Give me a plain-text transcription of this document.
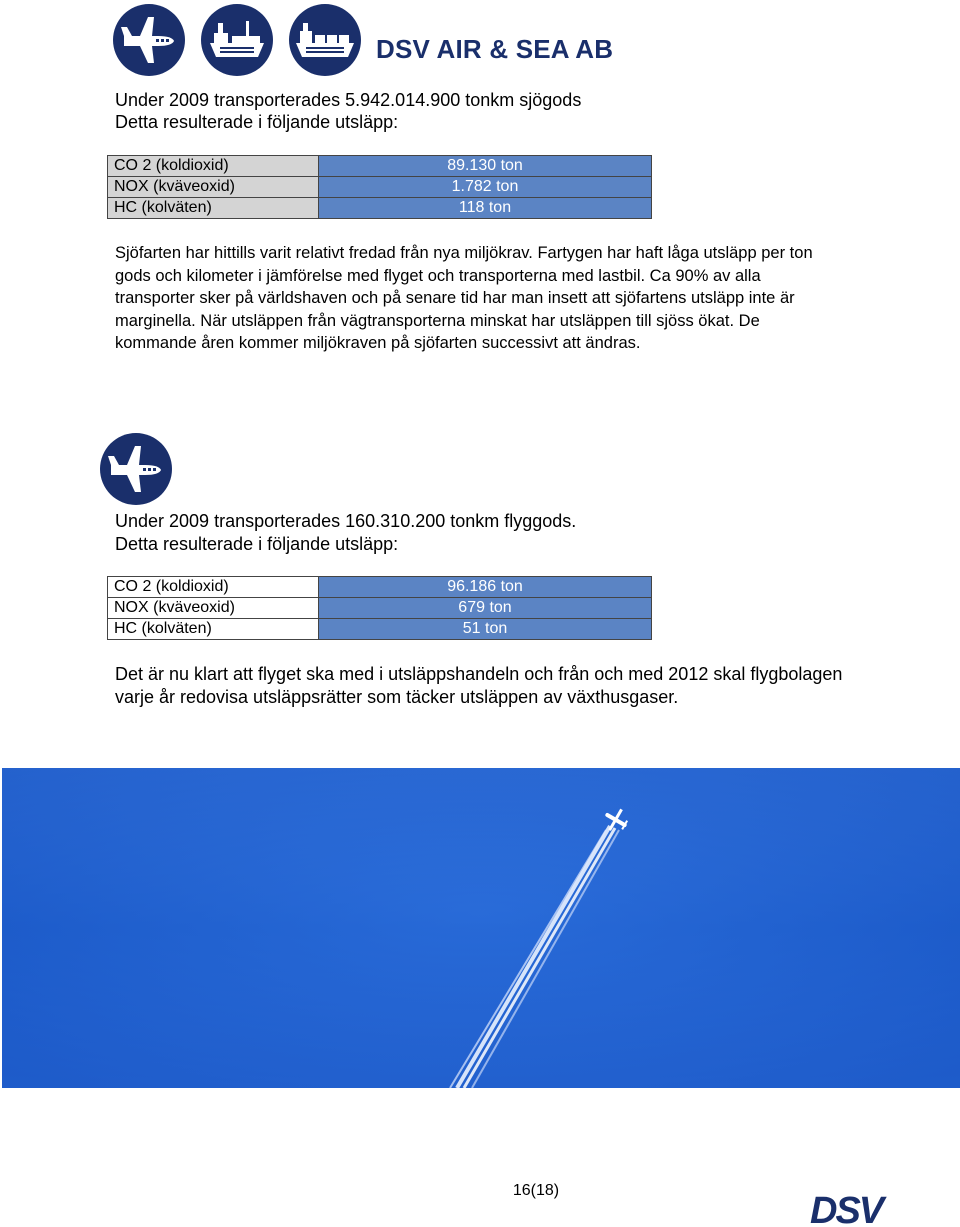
DSV AIR & SEA AB
Under 2009 transporterades 5.942.014.900 tonkm sjögods
Detta resulterade i följande utsläpp:
CO 2 (koldioxid)	89.130 ton
NOX (kväveoxid)	1.782 ton
HC (kolväten)	118 ton
Sjöfarten har hittills varit relativt fredad från nya miljökrav. Fartygen har haft låga utsläpp per ton gods och kilometer i jämförelse med flyget och transporterna med lastbil. Ca 90% av alla transporter sker på världshaven och på senare tid har man insett att sjöfartens utsläpp inte är marginella. När utsläppen från vägtransporterna minskat har utsläppen till sjöss ökat. De kommande åren kommer miljökraven på sjöfarten successivt att ändras.
Under 2009 transporterades 160.310.200 tonkm flyggods.
Detta resulterade i följande utsläpp:
CO 2 (koldioxid)	96.186 ton
NOX (kväveoxid)	679 ton
HC (kolväten)	51 ton
Det är nu klart att flyget ska med i utsläppshandeln och från och med 2012 skal flygbolagen varje år redovisa utsläppsrätter som täcker utsläppen av växthusgaser.
16(18)	DSV
